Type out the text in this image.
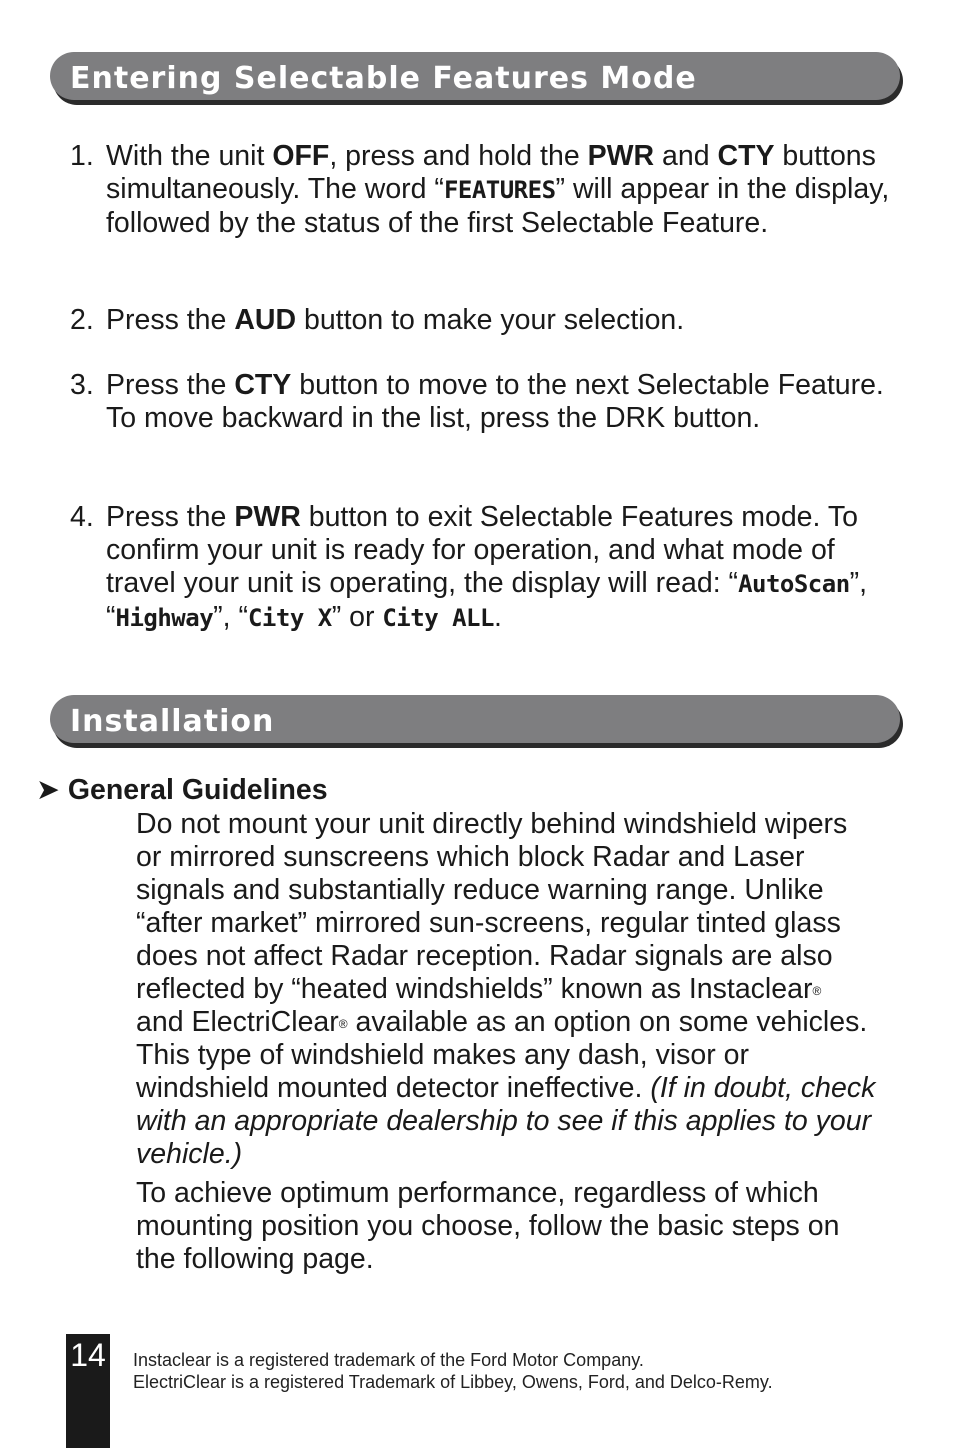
Entering Selectable Features Mode
1. With the unit OFF, press and hold the PWR and CTY buttons simultaneously. The word “FEATURES” will appear in the display, followed by the status of the first Selectable Feature.
2. Press the AUD button to make your selection.
3. Press the CTY button to move to the next Selectable Feature. To move backward in the list, press the DRK button.
4. Press the PWR button to exit Selectable Features mode. To confirm your unit is ready for operation, and what mode of travel your unit is operating, the display will read: “AutoScan”, “Highway”, “City X” or City ALL.
Installation
➤ General Guidelines

Do not mount your unit directly behind windshield wipers or mirrored sunscreens which block Radar and Laser signals and substantially reduce warning range. Unlike “after market” mirrored sun-screens, regular tinted glass does not affect Radar reception. Radar signals are also reflected by “heated windshields” known as Instaclear® and ElectriClear® available as an option on some vehicles. This type of windshield makes any dash, visor or windshield mounted detector ineffective. (If in doubt, check with an appropriate dealership to see if this applies to your vehicle.)

To achieve optimum performance, regardless of which mounting position you choose, follow the basic steps on the following page.

14 Instaclear is a registered trademark of the Ford Motor Company.
ElectriClear is a registered Trademark of Libbey, Owens, Ford, and Delco-Remy.
